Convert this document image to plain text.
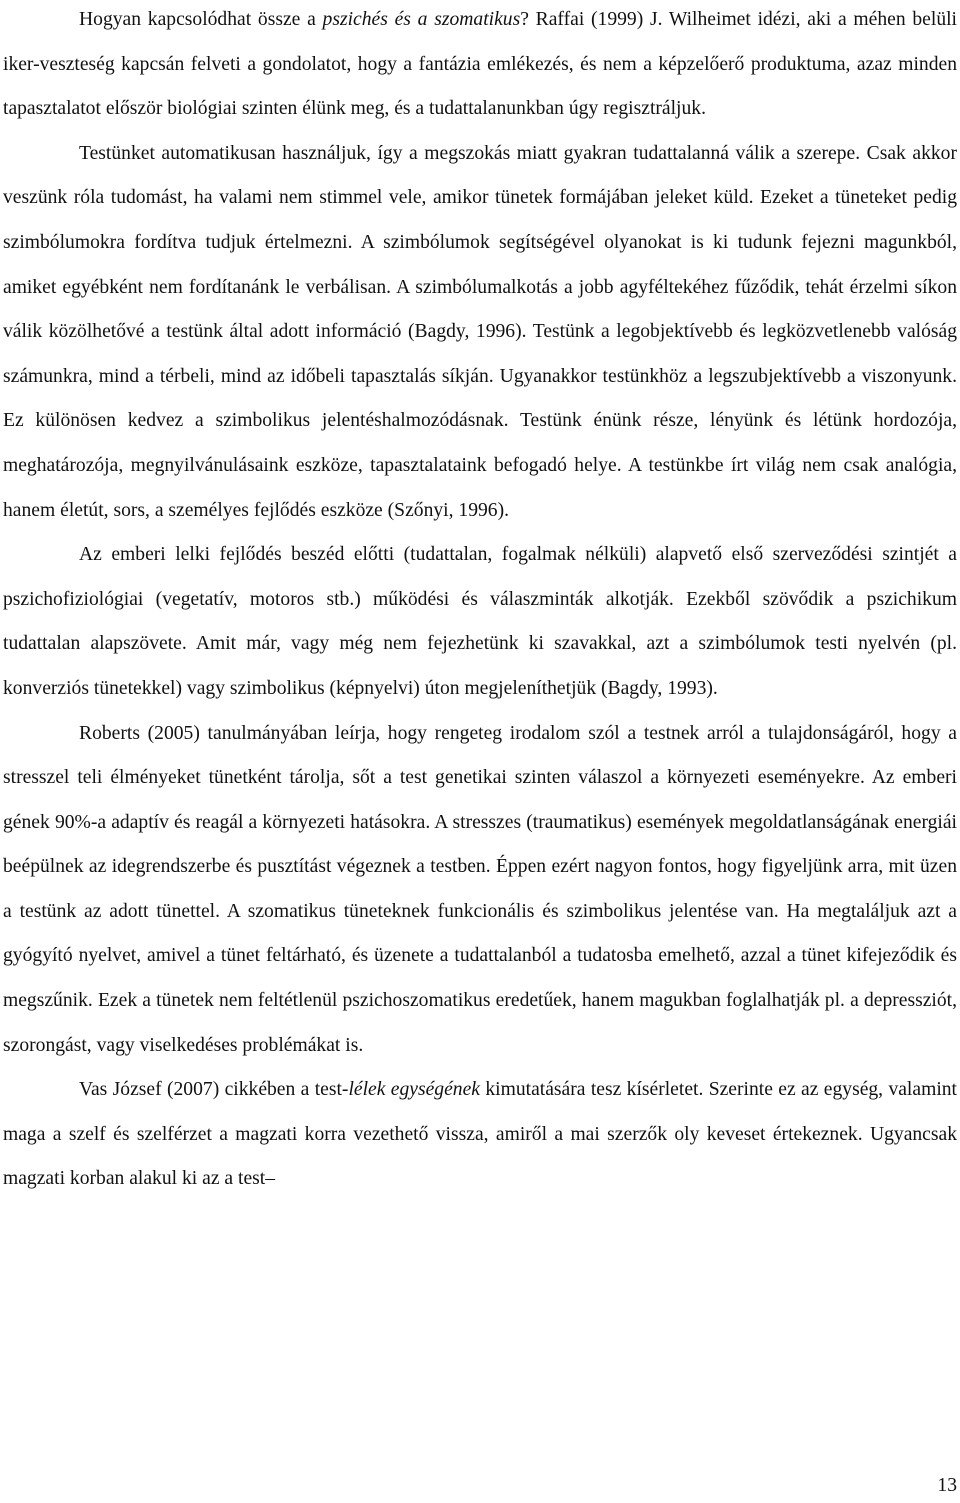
Hogyan kapcsolódhat össze a pszichés és a szomatikus? Raffai (1999) J. Wilheimet idézi, aki a méhen belüli iker-veszteség kapcsán felveti a gondolatot, hogy a fantázia emlékezés, és nem a képzelőerő produktuma, azaz minden tapasztalatot először biológiai szinten élünk meg, és a tudattalanunkban úgy regisztráljuk.

Testünket automatikusan használjuk, így a megszokás miatt gyakran tudattalanná válik a szerepe. Csak akkor veszünk róla tudomást, ha valami nem stimmel vele, amikor tünetek formájában jeleket küld. Ezeket a tüneteket pedig szimbólumokra fordítva tudjuk értelmezni. A szimbólumok segítségével olyanokat is ki tudunk fejezni magunkból, amiket egyébként nem fordítanánk le verbálisan. A szimbólumalkotás a jobb agyféltekéhez fűződik, tehát érzelmi síkon válik közölhetővé a testünk által adott információ (Bagdy, 1996). Testünk a legobjektívebb és legközvetlenebb valóság számunkra, mind a térbeli, mind az időbeli tapasztalás síkján. Ugyanakkor testünkhöz a legszubjektívebb a viszonyunk. Ez különösen kedvez a szimbolikus jelentéshalmozódásnak. Testünk énünk része, lényünk és létünk hordozója, meghatározója, megnyilvánulásaink eszköze, tapasztalataink befogadó helye. A testünkbe írt világ nem csak analógia, hanem életút, sors, a személyes fejlődés eszköze (Szőnyi, 1996).

Az emberi lelki fejlődés beszéd előtti (tudattalan, fogalmak nélküli) alapvető első szerveződési szintjét a pszichofiziológiai (vegetatív, motoros stb.) működési és válaszminták alkotják. Ezekből szövődik a pszichikum tudattalan alapszövete. Amit már, vagy még nem fejezhetünk ki szavakkal, azt a szimbólumok testi nyelvén (pl. konverziós tünetekkel) vagy szimbolikus (képnyelvi) úton megjeleníthetjük (Bagdy, 1993).

Roberts (2005) tanulmányában leírja, hogy rengeteg irodalom szól a testnek arról a tulajdonságáról, hogy a stresszel teli élményeket tünetként tárolja, sőt a test genetikai szinten válaszol a környezeti eseményekre. Az emberi gének 90%-a adaptív és reagál a környezeti hatásokra. A stresszes (traumatikus) események megoldatlanságának energiái beépülnek az idegrendszerbe és pusztítást végeznek a testben. Éppen ezért nagyon fontos, hogy figyeljünk arra, mit üzen a testünk az adott tünettel. A szomatikus tüneteknek funkcionális és szimbolikus jelentése van. Ha megtaláljuk azt a gyógyító nyelvet, amivel a tünet feltárható, és üzenete a tudattalanból a tudatosba emelhető, azzal a tünet kifejeződik és megszűnik. Ezek a tünetek nem feltétlenül pszichoszomatikus eredetűek, hanem magukban foglalhatják pl. a depressziót, szorongást, vagy viselkedéses problémákat is.

Vas József (2007) cikkében a test-lélek egységének kimutatására tesz kísérletet. Szerinte ez az egység, valamint maga a szelf és szelférzet a magzati korra vezethető vissza, amiről a mai szerzők oly keveset értekeznek. Ugyancsak magzati korban alakul ki az a test–

13
